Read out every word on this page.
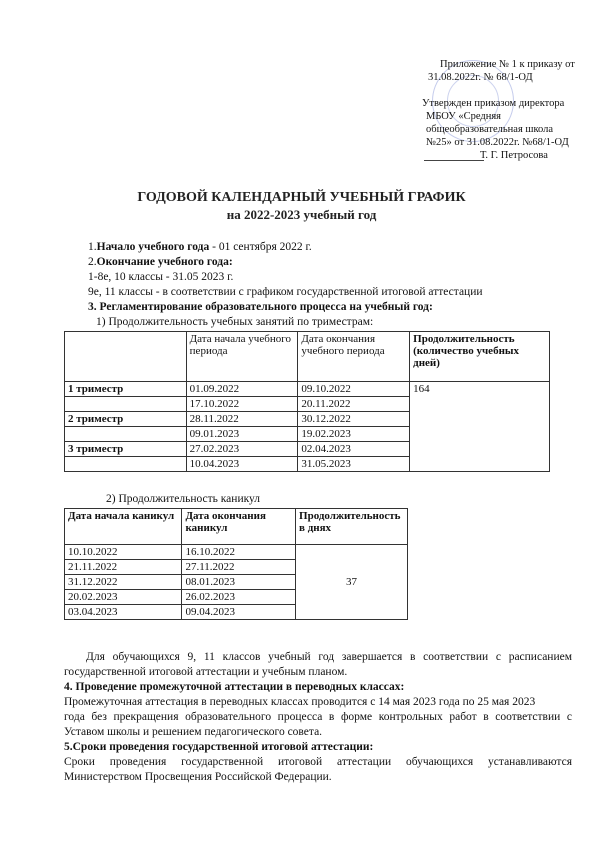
Приложение № 1 к приказу от
31.08.2022г. № 68/1-ОД
Утвержден приказом директора
МБОУ «Средняя
общеобразовательная школа
№25» от 31.08.2022г. №68/1-ОД
Т. Г. Петросова
ГОДОВОЙ КАЛЕНДАРНЫЙ УЧЕБНЫЙ ГРАФИК
на 2022-2023 учебный год
1.Начало учебного года - 01 сентября 2022 г.
2.Окончание учебного года:
1-8е, 10 классы - 31.05 2023 г.
9е, 11 классы - в соответствии с графиком государственной итоговой аттестации
3. Регламентирование образовательного процесса на учебный год:
1) Продолжительность учебных занятий по триместрам:
	Дата начала учебного периода	Дата окончания учебного периода	Продолжительность (количество учебных дней)
1 триместр	01.09.2022	09.10.2022	164
	17.10.2022	20.11.2022	
2 триместр	28.11.2022	30.12.2022	
	09.01.2023	19.02.2023	
3 триместр	27.02.2023	02.04.2023	
	10.04.2023	31.05.2023	
2) Продолжительность каникул
Дата начала каникул	Дата окончания каникул	Продолжительность в днях
10.10.2022	16.10.2022	37
21.11.2022	27.11.2022	
31.12.2022	08.01.2023	
20.02.2023	26.02.2023	
03.04.2023	09.04.2023	
Для обучающихся 9, 11 классов учебный год завершается в соответствии с расписанием
государственной итоговой аттестации и учебным планом.
4. Проведение промежуточной аттестации в переводных классах:
Промежуточная аттестация в переводных классах проводится с 14 мая 2023 года по 25 мая 2023
года без прекращения образовательного процесса в форме контрольных работ в соответствии с
Уставом школы и решением педагогического совета.
5.Сроки проведения государственной итоговой аттестации:
Сроки проведения государственной итоговой аттестации обучающихся устанавливаются
Министерством Просвещения Российской Федерации.
